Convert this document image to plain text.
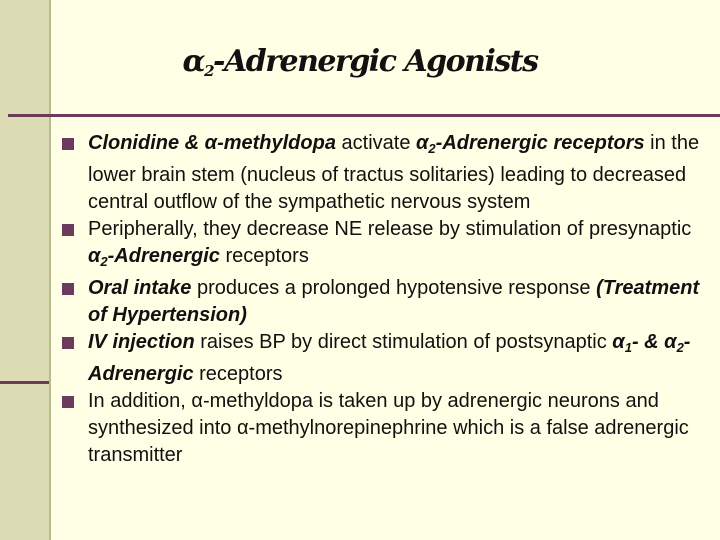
$\alpha_2$-Adrenergic Agonists
Clonidine & α-methyldopa activate $\alpha_2$-Adrenergic receptors in the lower brain stem (nucleus of tractus solitaries) leading to decreased central outflow of the sympathetic nervous system
Peripherally, they decrease NE release by stimulation of presynaptic $\alpha_2$-Adrenergic receptors
Oral intake produces a prolonged hypotensive response (Treatment of Hypertension)
IV injection raises BP by direct stimulation of postsynaptic $\alpha_1-$ & $\alpha_2$-Adrenergic receptors
In addition, α-methyldopa is taken up by adrenergic neurons and synthesized into α-methylnorepinephrine which is a false adrenergic transmitter
